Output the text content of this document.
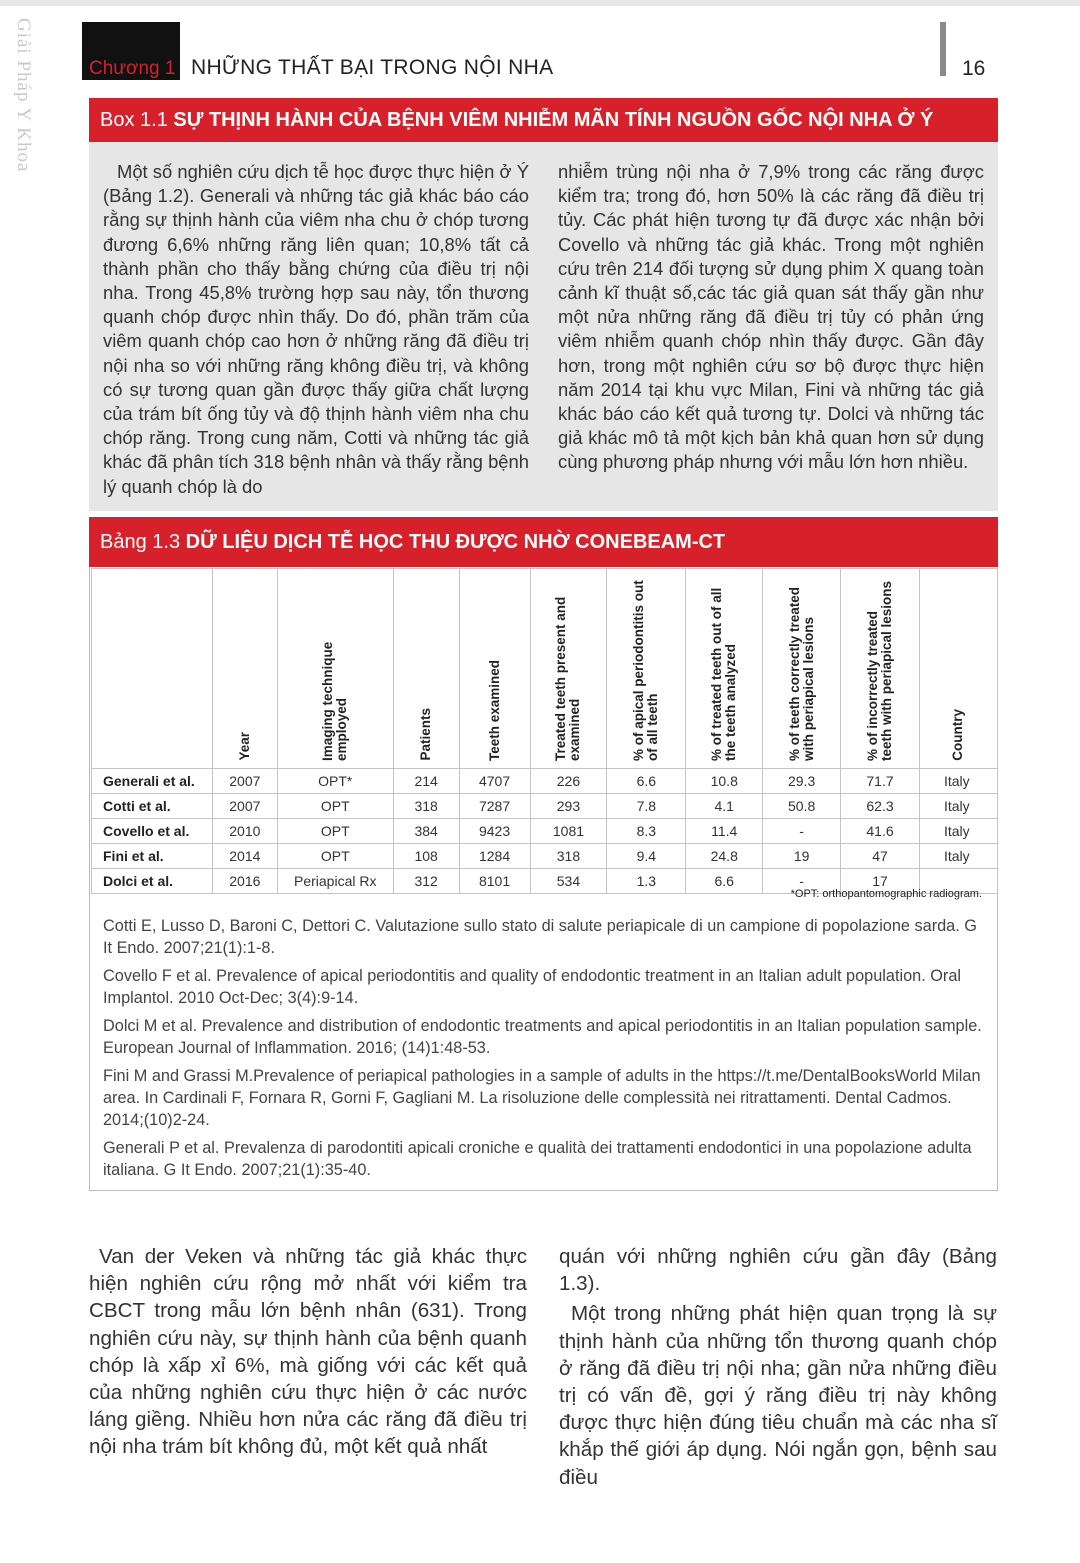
Giải Pháp Y Khoa	Chương 1 NHỮNG THẤT BẠI TRONG NỘI NHA	16
Box 1.1 SỰ THỊNH HÀNH CỦA BỆNH VIÊM NHIỄM MÃN TÍNH NGUỒN GỐC NỘI NHA Ở Ý
Một số nghiên cứu dịch tễ học được thực hiện ở Ý (Bảng 1.2). Generali và những tác giả khác báo cáo rằng sự thịnh hành của viêm nha chu ở chóp tương đương 6,6% những răng liên quan; 10,8% tất cả thành phần cho thấy bằng chứng của điều trị nội nha. Trong 45,8% trường hợp sau này, tổn thương quanh chóp được nhìn thấy. Do đó, phần trăm của viêm quanh chóp cao hơn ở những răng đã điều trị nội nha so với những răng không điều trị, và không có sự tương quan gần được thấy giữa chất lượng của trám bít ống tủy và độ thịnh hành viêm nha chu chóp răng. Trong cung năm, Cotti và những tác giả khác đã phân tích 318 bệnh nhân và thấy rằng bệnh lý quanh chóp là do
nhiễm trùng nội nha ở 7,9% trong các răng được kiểm tra; trong đó, hơn 50% là các răng đã điều trị tủy. Các phát hiện tương tự đã được xác nhận bởi Covello và những tác giả khác. Trong một nghiên cứu trên 214 đối tượng sử dụng phim X quang toàn cảnh kĩ thuật số,các tác giả quan sát thấy gần như một nửa những răng đã điều trị tủy có phản ứng viêm nhiễm quanh chóp nhìn thấy được. Gần đây hơn, trong một nghiên cứu sơ bộ được thực hiện năm 2014 tại khu vực Milan, Fini và những tác giả khác báo cáo kết quả tương tự. Dolci và những tác giả khác mô tả một kịch bản khả quan hơn sử dụng cùng phương pháp nhưng với mẫu lớn hơn nhiều.
Bảng 1.3 DỮ LIỆU DỊCH TỄ HỌC THU ĐƯỢC NHỜ CONEBEAM-CT
	Year	Imaging technique employed	Patients	Teeth examined	Treated teeth present and examined	% of apical periodontitis out of all teeth	% of treated teeth out of all the teeth analyzed	% of teeth correctly treated with periapical lesions	% of incorrectly treated teeth with periapical lesions	Country
Generali et al.	2007	OPT*	214	4707	226	6.6	10.8	29.3	71.7	Italy
Cotti et al.	2007	OPT	318	7287	293	7.8	4.1	50.8	62.3	Italy
Covello et al.	2010	OPT	384	9423	1081	8.3	11.4	-	41.6	Italy
Fini et al.	2014	OPT	108	1284	318	9.4	24.8	19	47	Italy
Dolci et al.	2016	Periapical Rx	312	8101	534	1.3	6.6	-	17	
*OPT: orthopantomographic radiogram.

Cotti E, Lusso D, Baroni C, Dettori C. Valutazione sullo stato di salute periapicale di un campione di popolazione sarda. G It Endo. 2007;21(1):1-8.

Covello F et al. Prevalence of apical periodontitis and quality of endodontic treatment in an Italian adult population. Oral Implantol. 2010 Oct-Dec; 3(4):9-14.

Dolci M et al. Prevalence and distribution of endodontic treatments and apical periodontitis in an Italian population sample. European Journal of Inflammation. 2016; (14)1:48-53.

Fini M and Grassi M.Prevalence of periapical pathologies in a sample of adults in the https://t.me/DentalBooksWorld Milan area. In Cardinali F, Fornara R, Gorni F, Gagliani M. La risoluzione delle complessità nei ritrattamenti. Dental Cadmos. 2014;(10)2-24.

Generali P et al. Prevalenza di parodontiti apicali croniche e qualità dei trattamenti endodontici in una popolazione adulta italiana. G It Endo. 2007;21(1):35-40.

Van der Veken và những tác giả khác thực hiện nghiên cứu rộng mở nhất với kiểm tra CBCT trong mẫu lớn bệnh nhân (631). Trong nghiên cứu này, sự thịnh hành của bệnh quanh chóp là xấp xỉ 6%, mà giống với các kết quả của những nghiên cứu thực hiện ở các nước láng giềng. Nhiều hơn nửa các răng đã điều trị nội nha trám bít không đủ, một kết quả nhất

quán với những nghiên cứu gần đây (Bảng 1.3).

Một trong những phát hiện quan trọng là sự thịnh hành của những tổn thương quanh chóp ở răng đã điều trị nội nha; gần nửa những điều trị có vấn đề, gợi ý răng điều trị này không được thực hiện đúng tiêu chuẩn mà các nha sĩ khắp thế giới áp dụng. Nói ngắn gọn, bệnh sau điều
